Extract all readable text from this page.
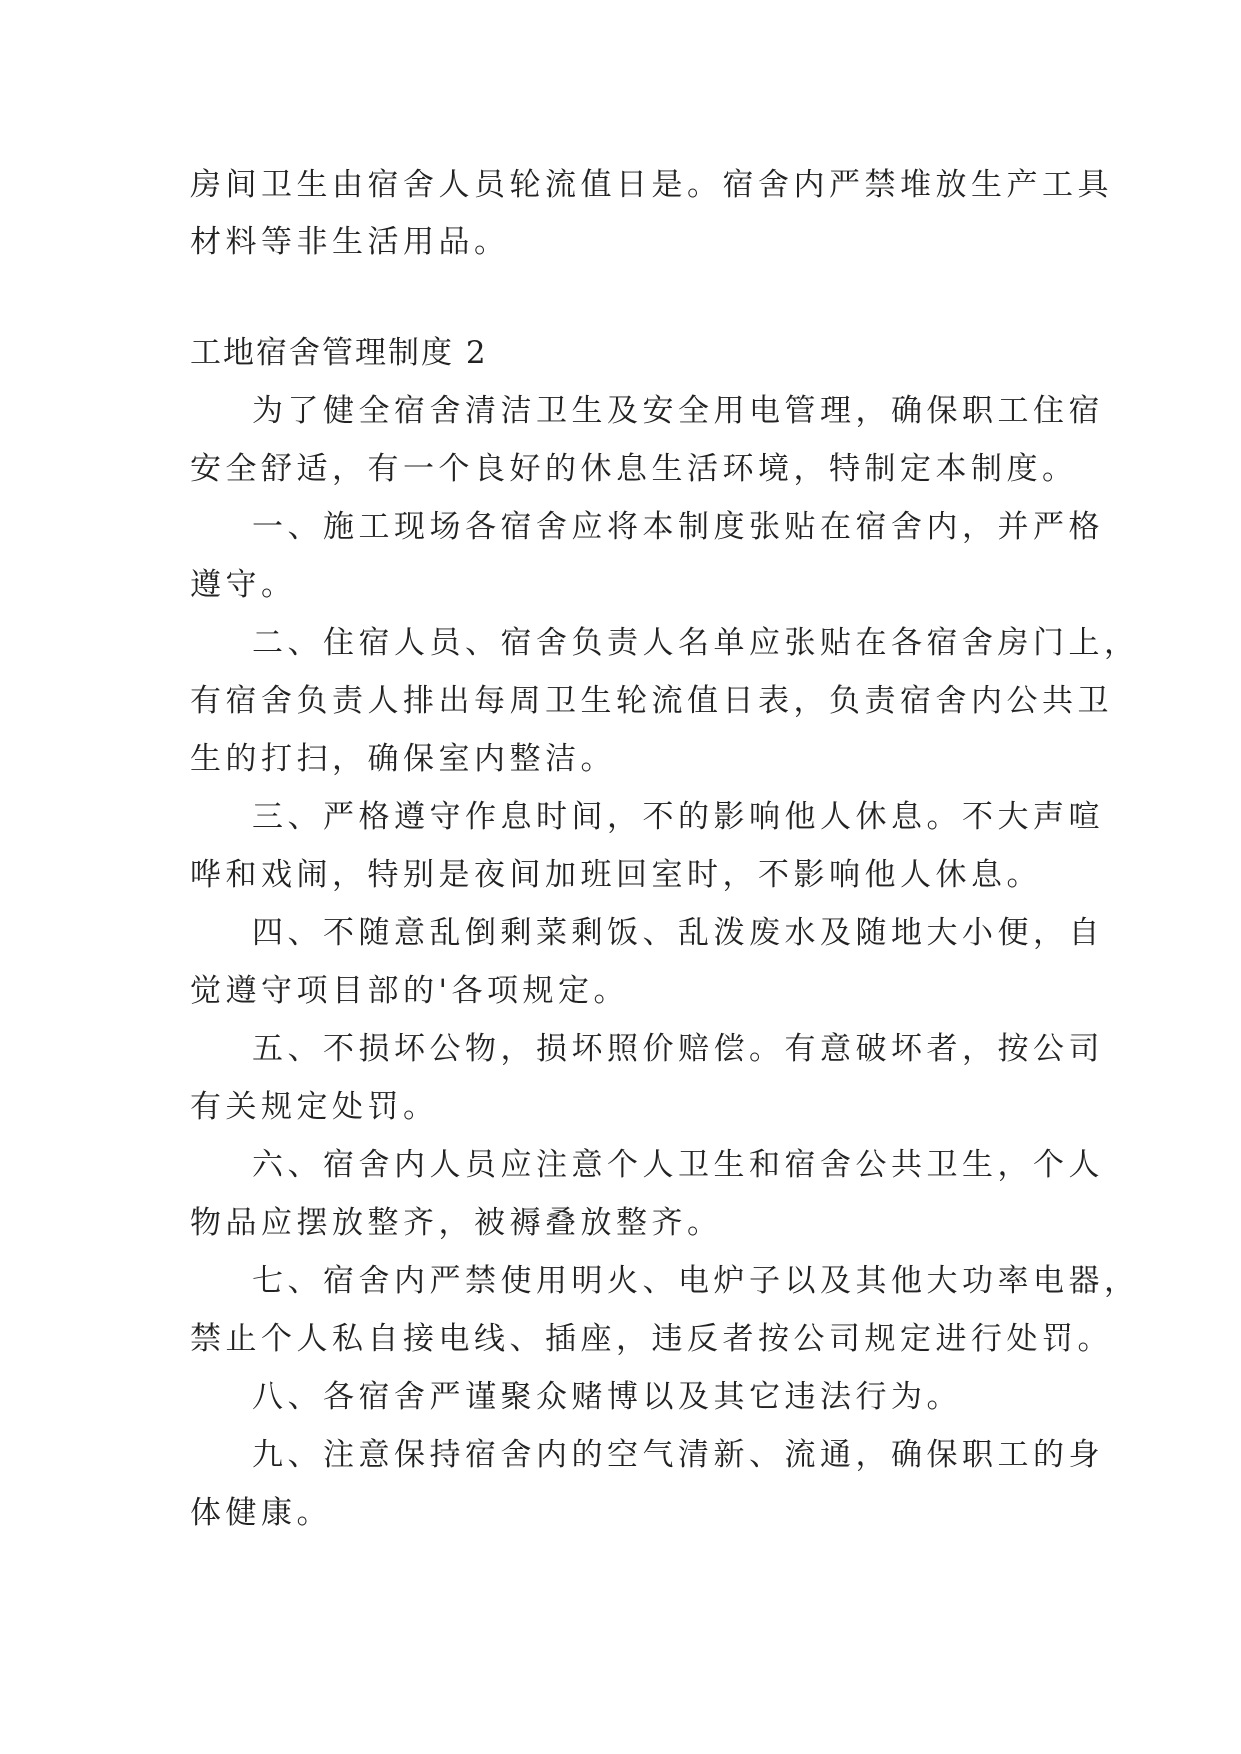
房间卫生由宿舍人员轮流值日是。宿舍内严禁堆放生产工具
材料等非生活用品。
工地宿舍管理制度 2
为了健全宿舍清洁卫生及安全用电管理，确保职工住宿
安全舒适，有一个良好的休息生活环境，特制定本制度。
一、施工现场各宿舍应将本制度张贴在宿舍内，并严格
遵守。
二、住宿人员、宿舍负责人名单应张贴在各宿舍房门上，
有宿舍负责人排出每周卫生轮流值日表，负责宿舍内公共卫
生的打扫，确保室内整洁。
三、严格遵守作息时间，不的影响他人休息。不大声喧
哗和戏闹，特别是夜间加班回室时，不影响他人休息。
四、不随意乱倒剩菜剩饭、乱泼废水及随地大小便，自
觉遵守项目部的'各项规定。
五、不损坏公物，损坏照价赔偿。有意破坏者，按公司
有关规定处罚。
六、宿舍内人员应注意个人卫生和宿舍公共卫生，个人
物品应摆放整齐，被褥叠放整齐。
七、宿舍内严禁使用明火、电炉子以及其他大功率电器，
禁止个人私自接电线、插座，违反者按公司规定进行处罚。
八、各宿舍严谨聚众赌博以及其它违法行为。
九、注意保持宿舍内的空气清新、流通，确保职工的身
体健康。
